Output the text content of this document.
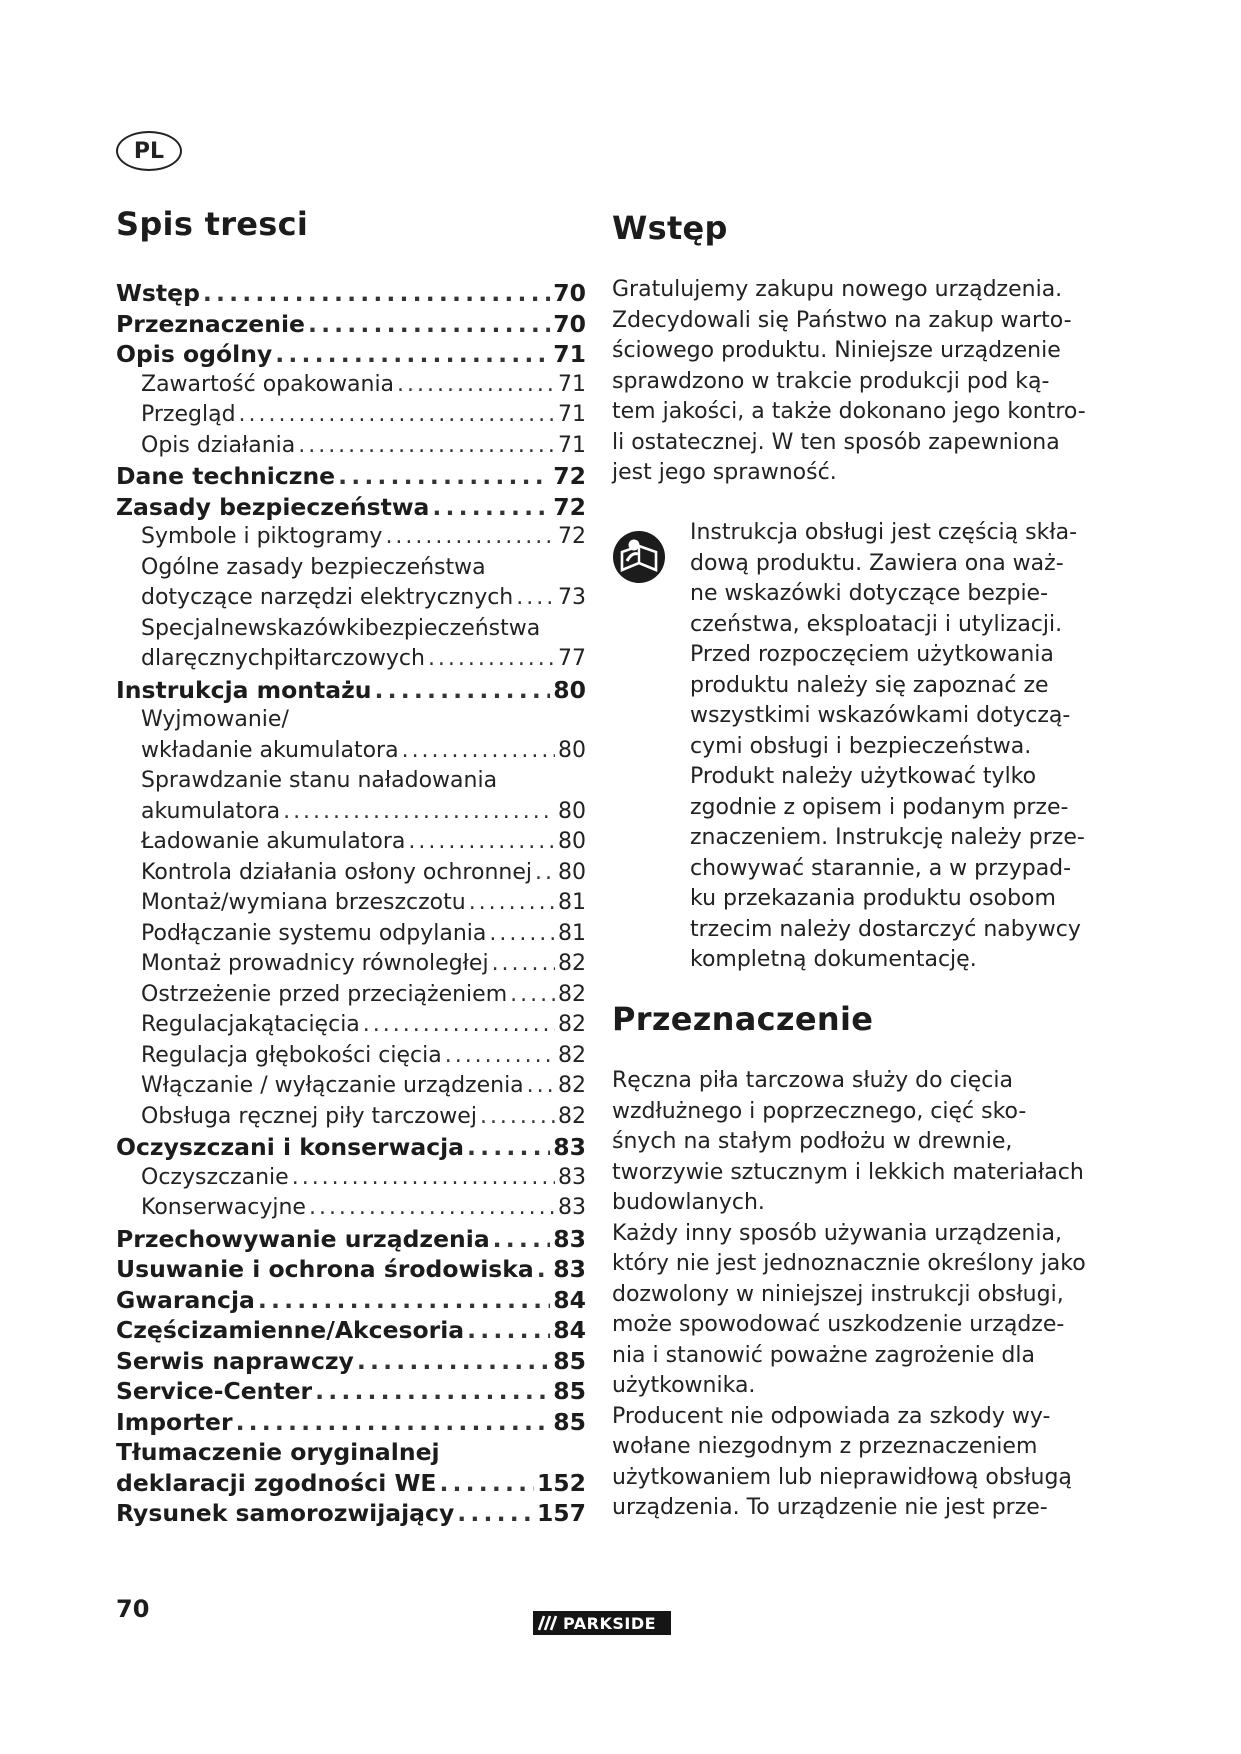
PL
Spis tresci
Wstęp . . .	70
Przeznaczenie . . .	70
Opis ogólny . . .	71
Zawartość opakowania . . .	71
Przegląd . . .	71
Opis działania . . .	71
Dane techniczne . . .	72
Zasady bezpieczeństwa . . .	72
Symbole i piktogramy . . .	72
Ogólne zasady bezpieczeństwa
dotyczące narzędzi elektrycznych . . . 73
Specjalnewskazówkibezpieczeństwa
dlaręcznychpiłtarczowych . . .	77
Instrukcja montażu . . .	80
Wyjmowanie/
wkładanie akumulatora . . .	80
Sprawdzanie stanu naładowania
akumulatora . . .	80
Ładowanie akumulatora . . .	80
Kontrola działania osłony ochronnej . . . 80
Montaż/wymiana brzeszczotu . . .	81
Podłączanie systemu odpylania . . .	81
Montaż prowadnicy równoległej . . .	82
Ostrzeżenie przed przeciążeniem . . . 82
Regulacjakątacięcia . . .	82
Regulacja głębokości cięcia . . .	82
Włączanie / wyłączanie urządzenia . . . 82
Obsługa ręcznej piły tarczowej . . .	82
Oczyszczani i konserwacja . . .	83
Oczyszczanie . . .	83
Konserwacyjne . . .	83
Przechowywanie urządzenia . . .	83
Usuwanie i ochrona środowiska . . . 83
Gwarancja . . .	84
Częścizamienne/Akcesoria . . .	84
Serwis naprawczy . . .	85
Service-Center . . .	85
Importer . . .	85
Tłumaczenie oryginalnej
deklaracji zgodności WE . . .	152
Rysunek samorozwijający . . .	157
Wstęp
Gratulujemy zakupu nowego urządzenia.
Zdecydowali się Państwo na zakup warto-
ściowego produktu. Niniejsze urządzenie
sprawdzono w trakcie produkcji pod ką-
tem jakości, a także dokonano jego kontro-
li ostatecznej. W ten sposób zapewniona
jest jego sprawność.
Instrukcja obsługi jest częścią skła-
dową produktu. Zawiera ona waż-
ne wskazówki dotyczące bezpie-
czeństwa, eksploatacji i utylizacji.
Przed rozpoczęciem użytkowania
produktu należy się zapoznać ze
wszystkimi wskazówkami dotyczą-
cymi obsługi i bezpieczeństwa.
Produkt należy użytkować tylko
zgodnie z opisem i podanym prze-
znaczeniem. Instrukcję należy prze-
chowywać starannie, a w przypad-
ku przekazania produktu osobom
trzecim należy dostarczyć nabywcy
kompletną dokumentację.
Przeznaczenie
Ręczna piła tarczowa służy do cięcia
wzdłużnego i poprzecznego, cięć sko-
śnych na stałym podłożu w drewnie,
tworzywie sztucznym i lekkich materiałach
budowlanych.
Każdy inny sposób używania urządzenia,
który nie jest jednoznacznie określony jako
dozwolony w niniejszej instrukcji obsługi,
może spowodować uszkodzenie urządze-
nia i stanowić poważne zagrożenie dla
użytkownika.
Producent nie odpowiada za szkody wy-
wołane niezgodnym z przeznaczeniem
użytkowaniem lub nieprawidłową obsługą
urządzenia. To urządzenie nie jest prze-
70	PARKSIDE
